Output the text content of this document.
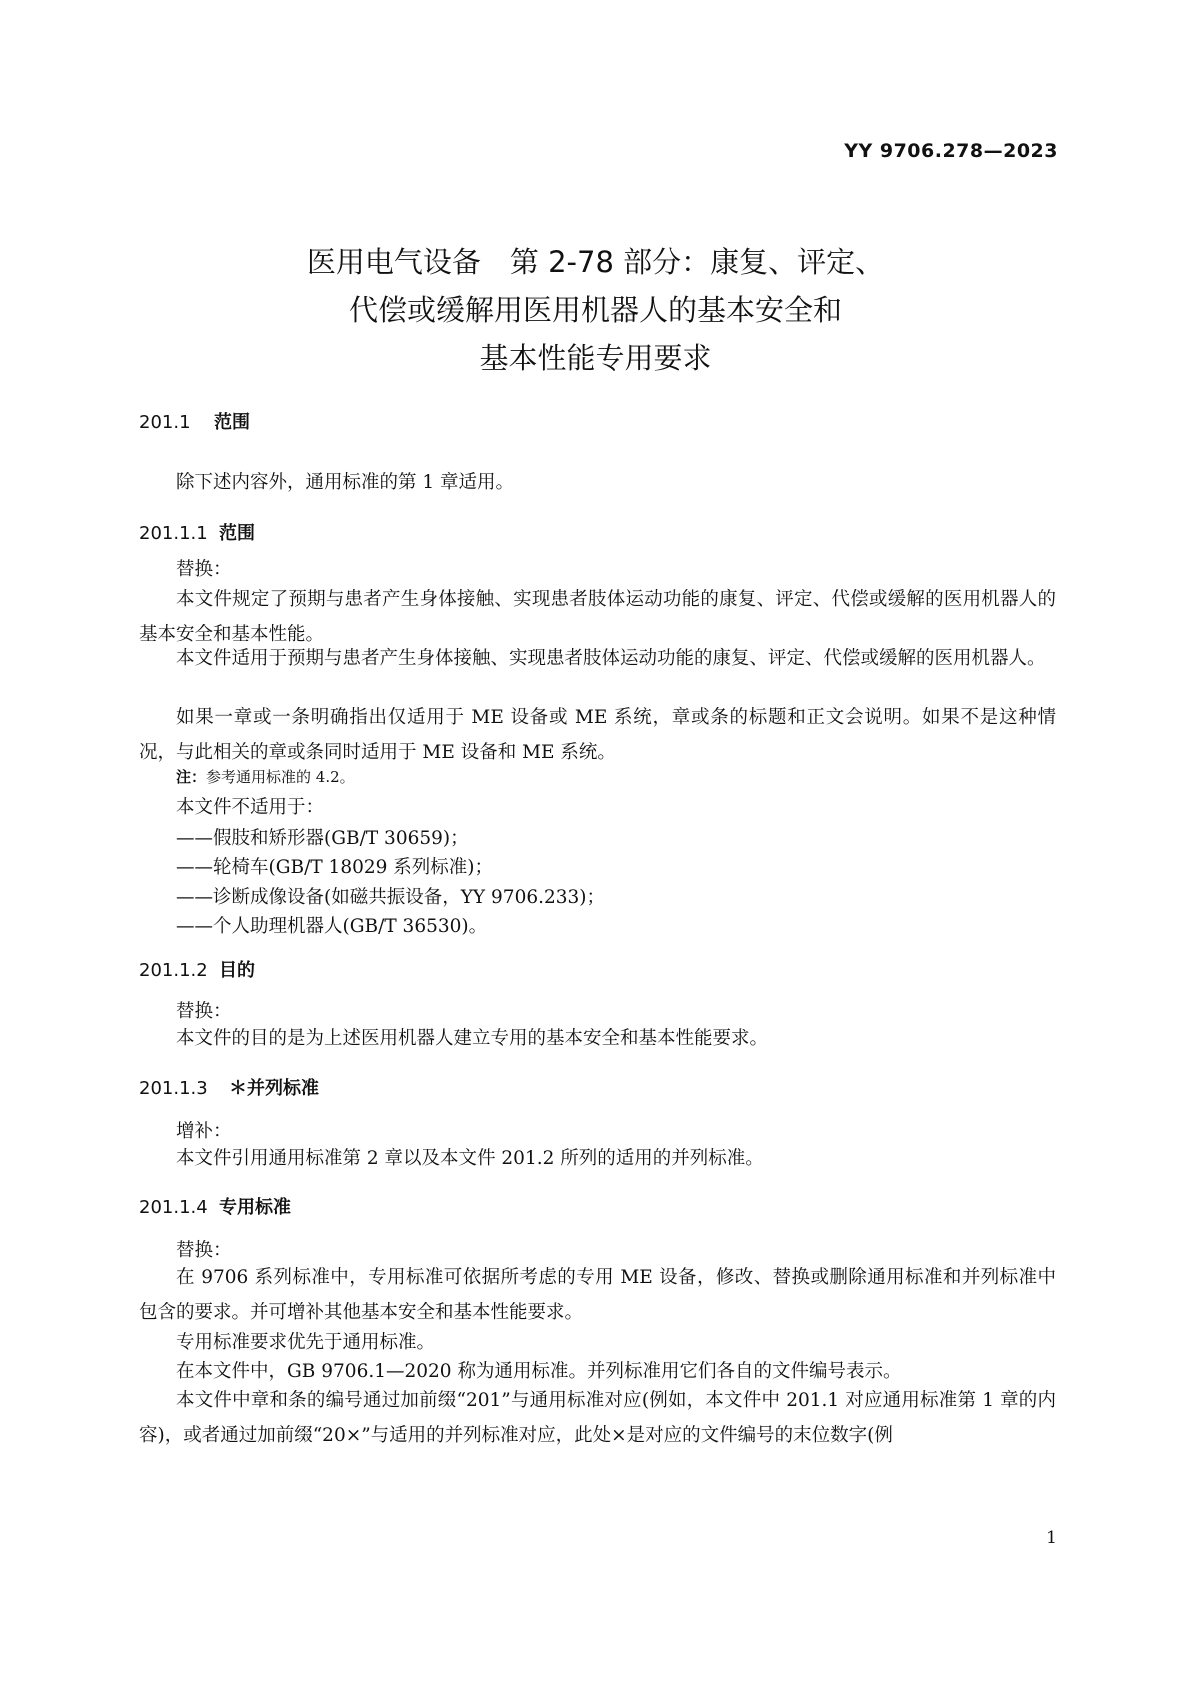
YY 9706.278—2023
医用电气设备　第 2-78 部分：康复、评定、
代偿或缓解用医用机器人的基本安全和
基本性能专用要求
201.1 范围
除下述内容外，通用标准的第 1 章适用。
201.1.1 范围
替换：
本文件规定了预期与患者产生身体接触、实现患者肢体运动功能的康复、评定、代偿或缓解的医用机器人的基本安全和基本性能。
本文件适用于预期与患者产生身体接触、实现患者肢体运动功能的康复、评定、代偿或缓解的医用机器人。
如果一章或一条明确指出仅适用于 ME 设备或 ME 系统，章或条的标题和正文会说明。如果不是这种情况，与此相关的章或条同时适用于 ME 设备和 ME 系统。
注：参考通用标准的 4.2。
本文件不适用于：
——假肢和矫形器(GB/T 30659)；
——轮椅车(GB/T 18029 系列标准)；
——诊断成像设备(如磁共振设备，YY 9706.233)；
——个人助理机器人(GB/T 36530)。
201.1.2 目的
替换：
本文件的目的是为上述医用机器人建立专用的基本安全和基本性能要求。
201.1.3 ＊并列标准
增补：
本文件引用通用标准第 2 章以及本文件 201.2 所列的适用的并列标准。
201.1.4 专用标准
替换：
在 9706 系列标准中，专用标准可依据所考虑的专用 ME 设备，修改、替换或删除通用标准和并列标准中包含的要求。并可增补其他基本安全和基本性能要求。
专用标准要求优先于通用标准。
在本文件中，GB 9706.1—2020 称为通用标准。并列标准用它们各自的文件编号表示。
本文件中章和条的编号通过加前缀“201”与通用标准对应(例如，本文件中 201.1 对应通用标准第 1 章的内容)，或者通过加前缀“20×”与适用的并列标准对应，此处×是对应的文件编号的末位数字(例
1
